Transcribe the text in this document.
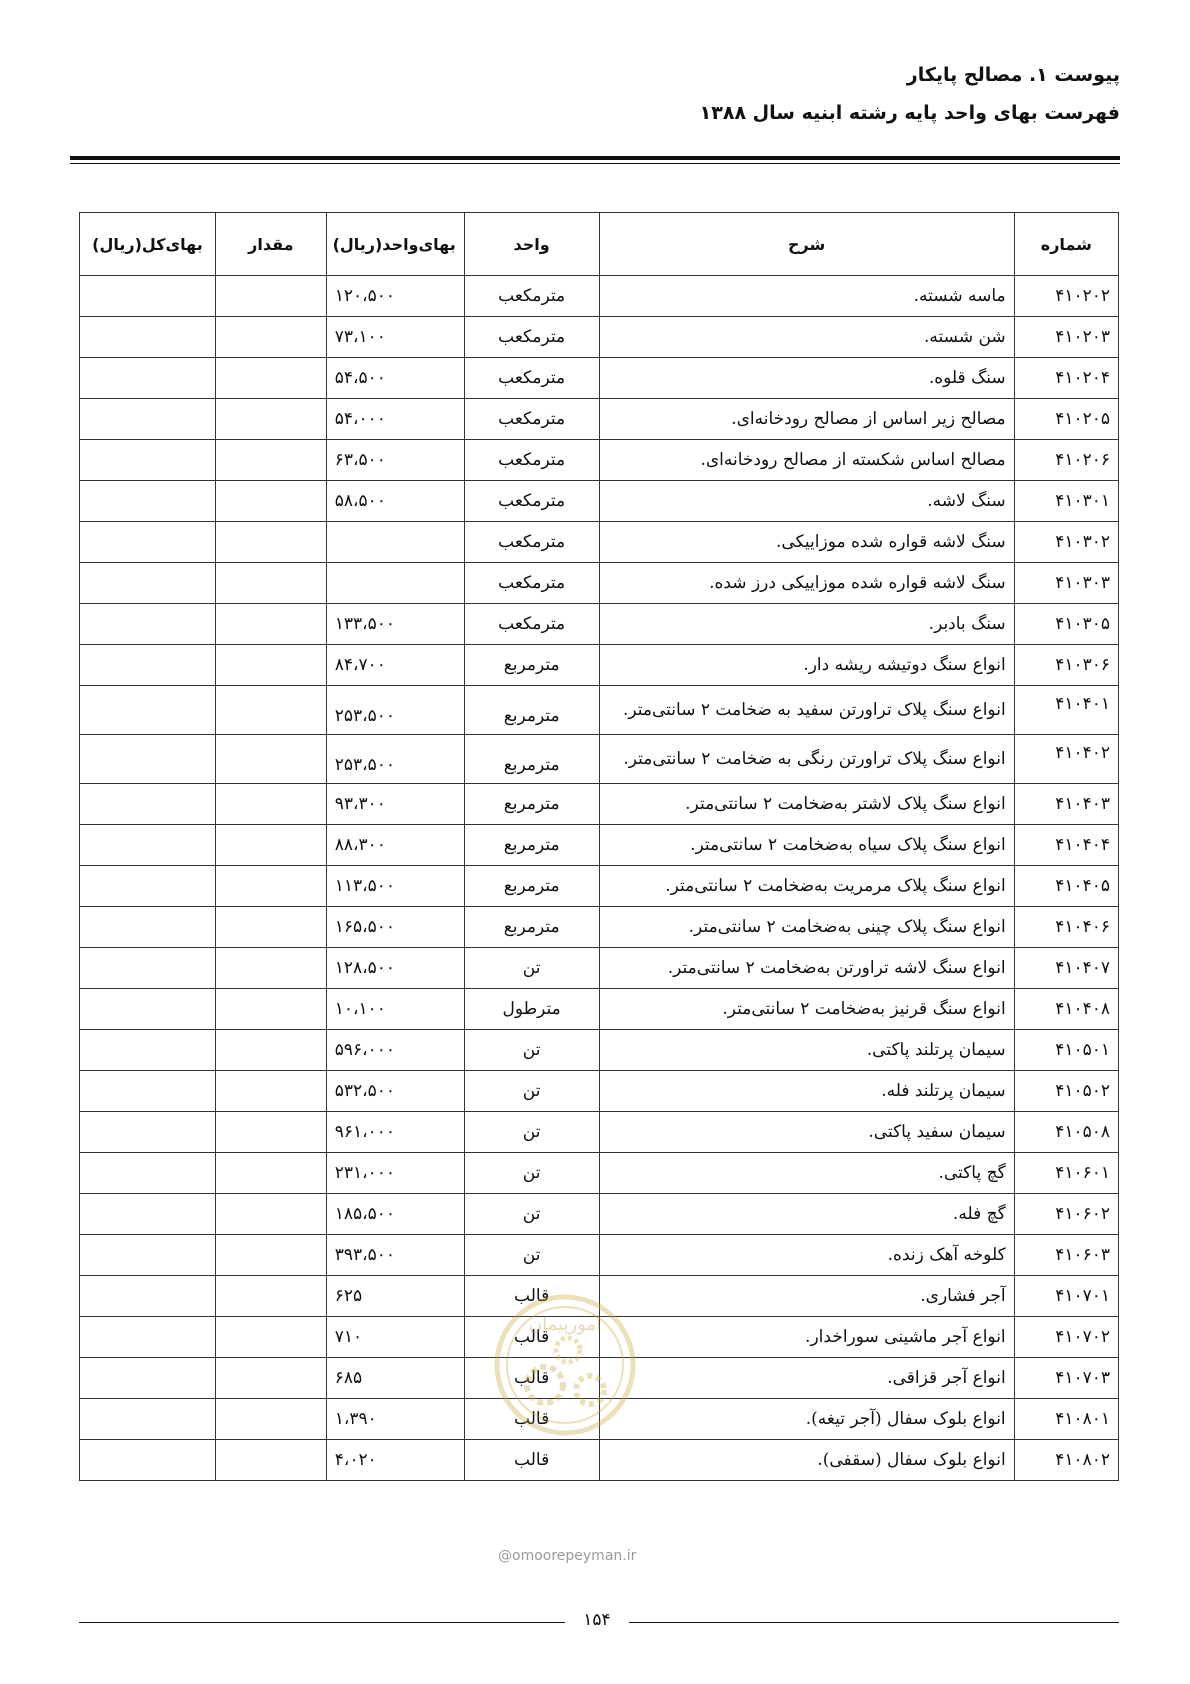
پیوست ۱. مصالح پایکار
فهرست بهای واحد پایه رشته ابنیه سال ۱۳۸۸
شماره	شرح	واحد	بهای‌واحد(ریال)	مقدار	بهای‌کل(ریال)
۴۱۰۲۰۲	ماسه شسته.	مترمکعب	۱۲۰،۵۰۰		
۴۱۰۲۰۳	شن شسته.	مترمکعب	۷۳،۱۰۰		
۴۱۰۲۰۴	سنگ قلوه.	مترمکعب	۵۴،۵۰۰		
۴۱۰۲۰۵	مصالح زیر اساس از مصالح رودخانه‌ای.	مترمکعب	۵۴،۰۰۰		
۴۱۰۲۰۶	مصالح اساس شکسته از مصالح رودخانه‌ای.	مترمکعب	۶۳،۵۰۰		
۴۱۰۳۰۱	سنگ لاشه.	مترمکعب	۵۸،۵۰۰		
۴۱۰۳۰۲	سنگ لاشه قواره شده موزاییکی.	مترمکعب			
۴۱۰۳۰۳	سنگ لاشه قواره شده موزاییکی درز شده.	مترمکعب			
۴۱۰۳۰۵	سنگ بادبر.	مترمکعب	۱۳۳،۵۰۰		
۴۱۰۳۰۶	انواع سنگ دوتیشه ریشه دار.	مترمربع	۸۴،۷۰۰		
۴۱۰۴۰۱	انواع سنگ پلاک تراورتن سفید به ضخامت ۲ سانتی‌متر.	مترمربع	۲۵۳،۵۰۰		
۴۱۰۴۰۲	انواع سنگ پلاک تراورتن رنگی به ضخامت ۲ سانتی‌متر.	مترمربع	۲۵۳،۵۰۰		
۴۱۰۴۰۳	انواع سنگ پلاک لاشتر به‌ضخامت ۲ سانتی‌متر.	مترمربع	۹۳،۳۰۰		
۴۱۰۴۰۴	انواع سنگ پلاک سیاه به‌ضخامت ۲ سانتی‌متر.	مترمربع	۸۸،۳۰۰		
۴۱۰۴۰۵	انواع سنگ پلاک مرمریت به‌ضخامت ۲ سانتی‌متر.	مترمربع	۱۱۳،۵۰۰		
۴۱۰۴۰۶	انواع سنگ پلاک چینی به‌ضخامت ۲ سانتی‌متر.	مترمربع	۱۶۵،۵۰۰		
۴۱۰۴۰۷	انواع سنگ لاشه تراورتن به‌ضخامت ۲ سانتی‌متر.	تن	۱۲۸،۵۰۰		
۴۱۰۴۰۸	انواع سنگ قرنیز به‌ضخامت ۲ سانتی‌متر.	مترطول	۱۰،۱۰۰		
۴۱۰۵۰۱	سیمان پرتلند پاکتی.	تن	۵۹۶،۰۰۰		
۴۱۰۵۰۲	سیمان پرتلند فله.	تن	۵۳۲،۵۰۰		
۴۱۰۵۰۸	سیمان سفید پاکتی.	تن	۹۶۱،۰۰۰		
۴۱۰۶۰۱	گچ پاکتی.	تن	۲۳۱،۰۰۰		
۴۱۰۶۰۲	گچ فله.	تن	۱۸۵،۵۰۰		
۴۱۰۶۰۳	کلوخه آهک زنده.	تن	۳۹۳،۵۰۰		
۴۱۰۷۰۱	آجر فشاری.	قالب	۶۲۵		
۴۱۰۷۰۲	انواع آجر ماشینی سوراخدار.	قالب	۷۱۰		
۴۱۰۷۰۳	انواع آجر قزاقی.	قالب	۶۸۵		
۴۱۰۸۰۱	انواع بلوک سفال (آجر تیغه).	قالب	۱،۳۹۰		
۴۱۰۸۰۲	انواع بلوک سفال (سقفی).	قالب	۴،۰۲۰		
امورپیمان
@omoorepeyman.ir
۱۵۴
